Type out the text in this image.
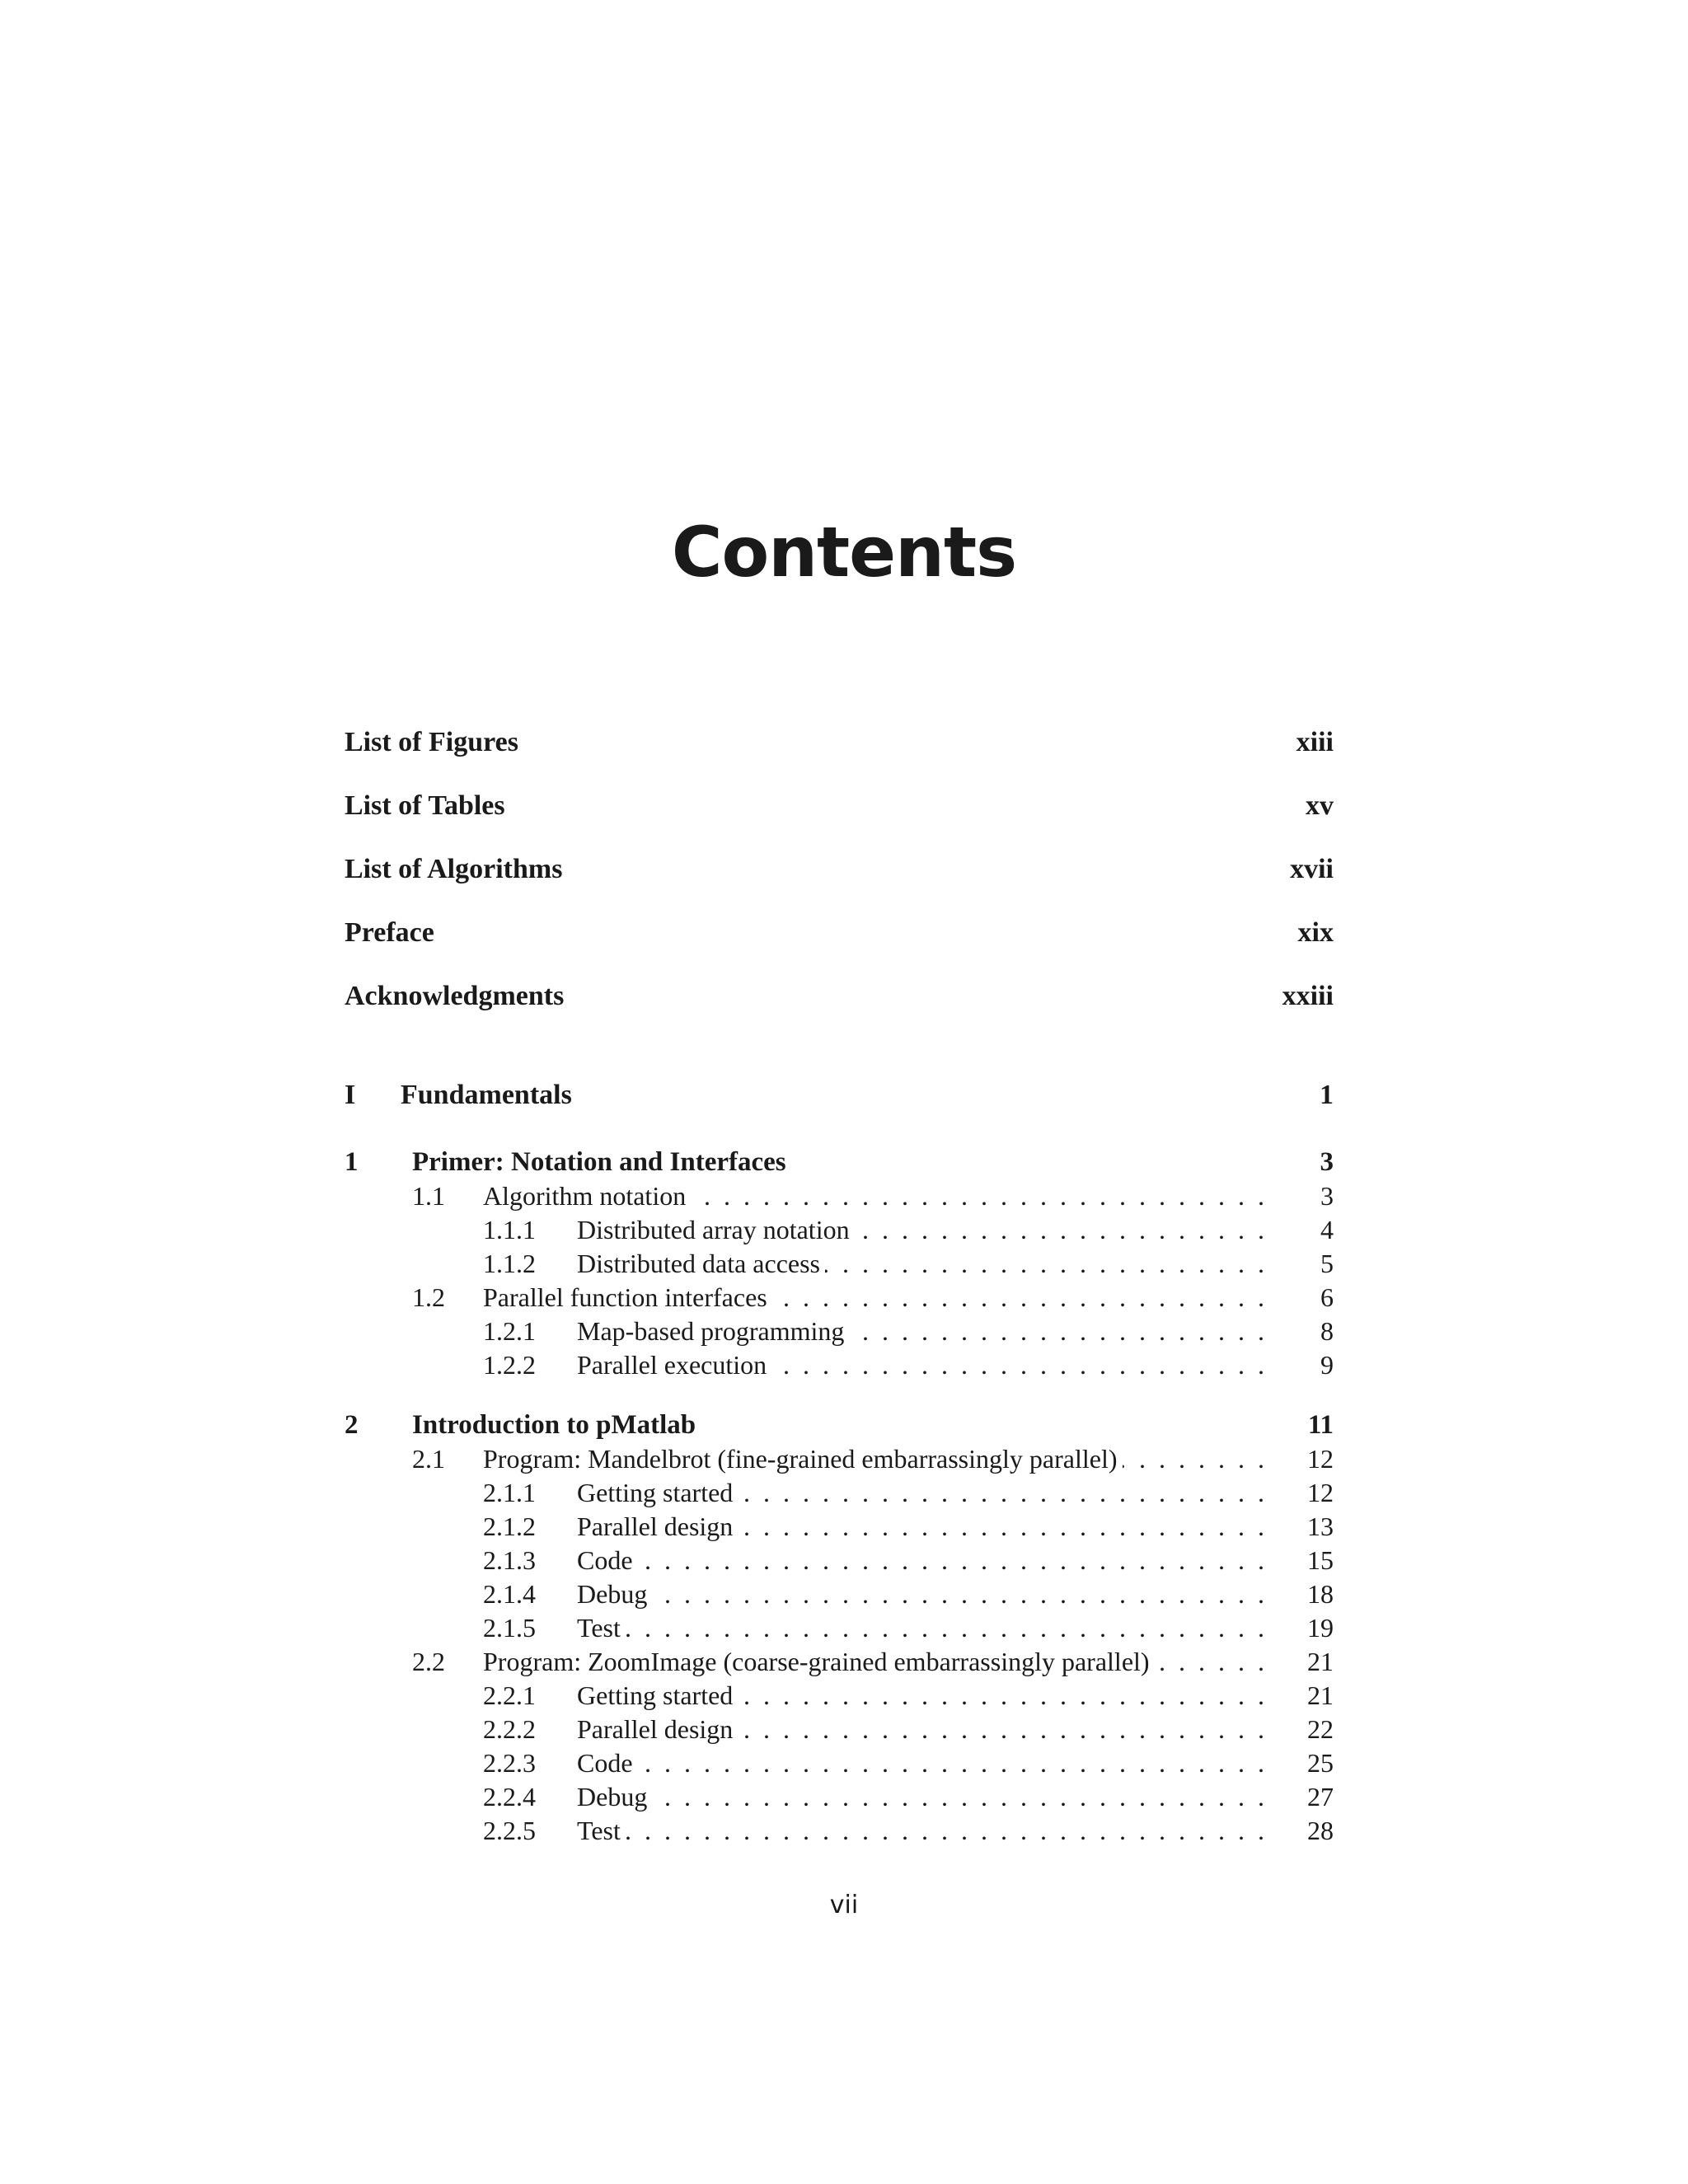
Contents
List of Figures	xiii
List of Tables	xv
List of Algorithms	xvii
Preface	xix
Acknowledgments	xxiii
I Fundamentals	1
1 Primer: Notation and Interfaces	3
1.1 Algorithm notation . . .	3
1.1.1 Distributed array notation . . .	4
1.1.2 Distributed data access . . .	5
1.2 Parallel function interfaces . . .	6
1.2.1 Map-based programming . . .	8
1.2.2 Parallel execution . . .	9
2 Introduction to pMatlab	11
2.1 Program: Mandelbrot (fine-grained embarrassingly parallel) . . .	12
2.1.1 Getting started . . .	12
2.1.2 Parallel design . . .	13
2.1.3 Code . . .	15
2.1.4 Debug . . .	18
2.1.5 Test . . .	19
2.2 Program: ZoomImage (coarse-grained embarrassingly parallel) . . .	21
2.2.1 Getting started . . .	21
2.2.2 Parallel design . . .	22
2.2.3 Code . . .	25
2.2.4 Debug . . .	27
2.2.5 Test . . .	28
vii
